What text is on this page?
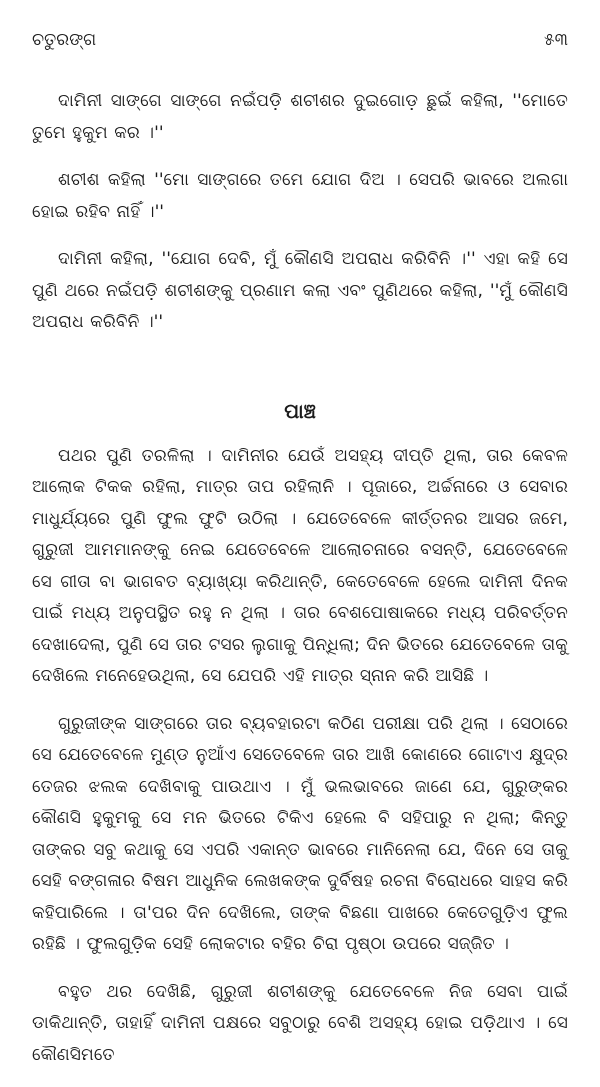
ଚତୁରଙ୍ଗ	୫୩

ଦାମିନୀ ସାଙ୍ଗେ ସାଙ୍ଗେ ନଇଁପଡ଼ି ଶଚୀଶର ଦୁଇଗୋଡ଼ ଛୁଇଁ କହିଲା, ''ମୋତେ ତୁମେ ହୁକୁମ କର ।''

ଶଚୀଶ କହିଲା ''ମୋ ସାଙ୍ଗରେ ତମେ ଯୋଗ ଦିଅ । ସେପରି ଭାବରେ ଅଲଗା ହୋଇ ରହିବ ନାହିଁ ।''

ଦାମିନୀ କହିଲା, ''ଯୋଗ ଦେବି, ମୁଁ କୌଣସି ଅପରାଧ କରିବିନି ।'' ଏହା କହି ସେ ପୁଣି ଥରେ ନଇଁପଡ଼ି ଶଚୀଶଙ୍କୁ ପ୍ରଣାମ କଲା ଏବଂ ପୁଣିଥରେ କହିଲା, ''ମୁଁ କୌଣସି ଅପରାଧ କରିବିନି ।''

ପାଞ୍ଚ

ପଥର ପୁଣି ତରଳିଲା । ଦାମିନୀର ଯେଉଁ ଅସହ୍ୟ ଦୀପ୍ତି ଥିଲା, ତାର କେବଳ ଆଲୋକ ଟିକକ ରହିଲା, ମାତ୍ର ତାପ ରହିଲାନି । ପୂଜାରେ, ଅର୍ଚ୍ଚନାରେ ଓ ସେବାର ମାଧୁର୍ଯ୍ୟରେ ପୁଣି ଫୁଲ ଫୁଟି ଉଠିଲା । ଯେତେବେଳେ କୀର୍ତ୍ତନର ଆସର ଜମେ, ଗୁରୁଜୀ ଆମମାନଙ୍କୁ ନେଇ ଯେତେବେଳେ ଆଲୋଚନାରେ ବସନ୍ତି, ଯେତେବେଳେ ସେ ଗୀତା ବା ଭାଗବତ ବ୍ୟାଖ୍ୟା କରିଥାନ୍ତି, କେତେବେଳେ ହେଲେ ଦାମିନୀ ଦିନକ ପାଇଁ ମଧ୍ୟ ଅନୁପସ୍ଥିତ ରହୁ ନ ଥିଲା । ତାର ବେଶପୋଷାକରେ ମଧ୍ୟ ପରିବର୍ତ୍ତନ ଦେଖାଦେଲା, ପୁଣି ସେ ତାର ଟସର ଲୁଗାକୁ ପିନ୍ଧିଲା; ଦିନ ଭିତରେ ଯେତେବେଳେ ତାକୁ ଦେଖିଲେ ମନେହେଉଥିଲା, ସେ ଯେପରି ଏହି ମାତ୍ର ସ୍ନାନ କରି ଆସିଛି ।

ଗୁରୁଜୀଙ୍କ ସାଙ୍ଗରେ ତାର ବ୍ୟବହାରଟା କଠିଣ ପରୀକ୍ଷା ପରି ଥିଲା । ସେଠାରେ ସେ ଯେତେବେଳେ ମୁଣ୍ଡ ନୁଆଁଏ ସେତେବେଳେ ତାର ଆଖି କୋଣରେ ଗୋଟାଏ କ୍ଷୁଦ୍ର ତେଜର ଝଲକ ଦେଖିବାକୁ ପାଉଥାଏ । ମୁଁ ଭଲଭାବରେ ଜାଣେ ଯେ, ଗୁରୁଙ୍କର କୌଣସି ହୁକୁମକୁ ସେ ମନ ଭିତରେ ଟିକିଏ ହେଲେ ବି ସହିପାରୁ ନ ଥିଲା; କିନ୍ତୁ ତାଙ୍କର ସବୁ କଥାକୁ ସେ ଏପରି ଏକାନ୍ତ ଭାବରେ ମାନିନେଲା ଯେ, ଦିନେ ସେ ତାକୁ ସେହି ବଙ୍ଗଳାର ବିଷମ ଆଧୁନିକ ଲେଖକଙ୍କ ଦୁର୍ବିଷହ ରଚନା ବିରୋଧରେ ସାହସ କରି କହିପାରିଲେ । ତା'ପର ଦିନ ଦେଖିଲେ, ତାଙ୍କ ବିଛଣା ପାଖରେ କେତେଗୁଡ଼ିଏ ଫୁଲ ରହିଛି । ଫୁଲଗୁଡ଼ିକ ସେହି ଲୋକଟାର ବହିର ଚିରା ପୃଷ୍ଠା ଉପରେ ସଜ୍ଜିତ ।

ବହୁତ ଥର ଦେଖିଛି, ଗୁରୁଜୀ ଶଚୀଶଙ୍କୁ ଯେତେବେଳେ ନିଜ ସେବା ପାଇଁ ଡାକିଥାନ୍ତି, ତାହାହିଁ ଦାମିନୀ ପକ୍ଷରେ ସବୁଠାରୁ ବେଶି ଅସହ୍ୟ ହୋଇ ପଡ଼ିଥାଏ । ସେ କୌଣସିମତେ
